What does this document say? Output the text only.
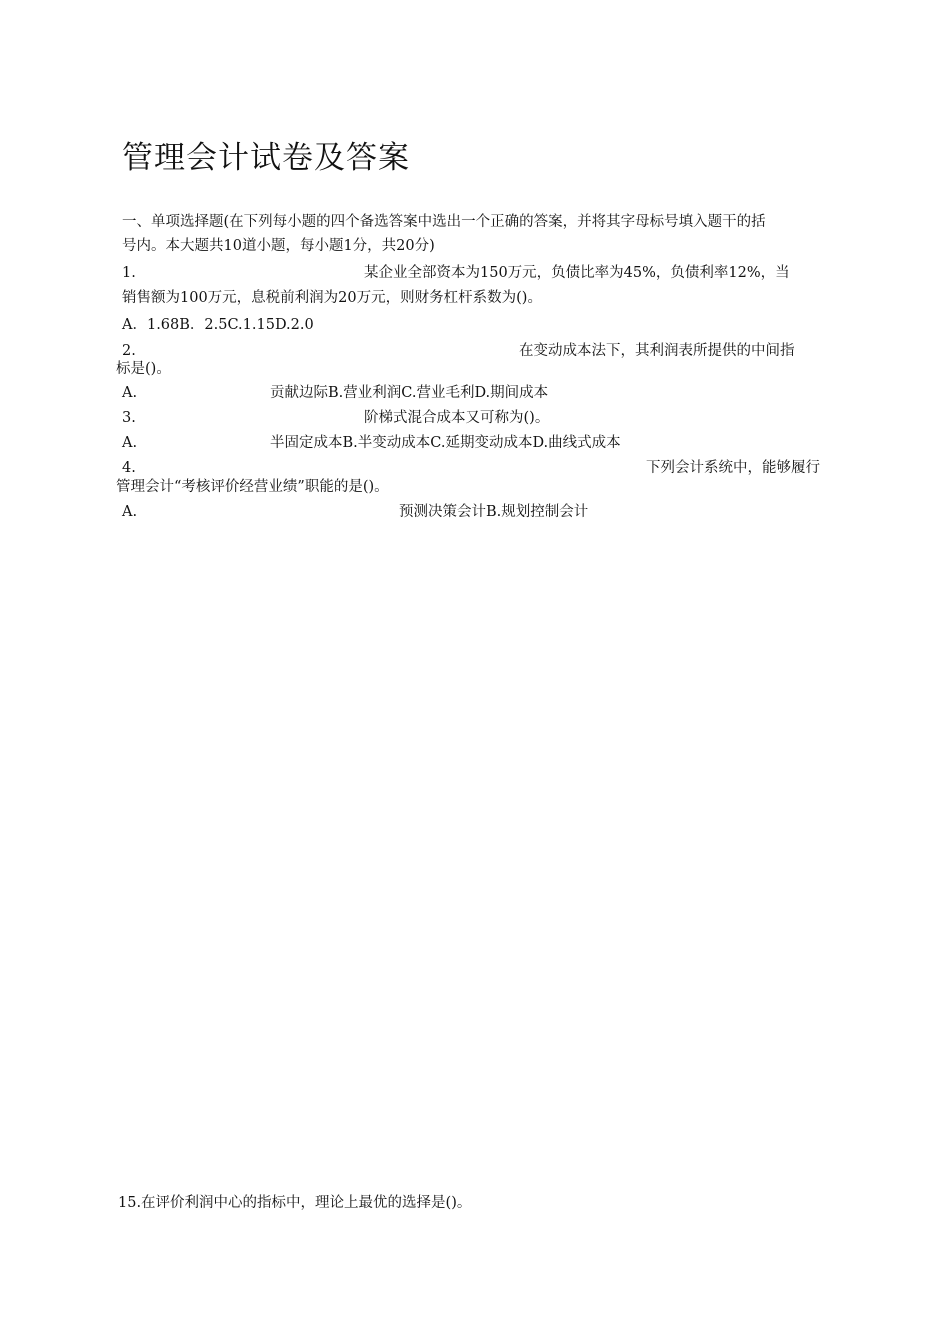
管理会计试卷及答案
一、单项选择题(在下列每小题的四个备选答案中选出一个正确的答案，并将其字母标号填入题干的括
号内。本大题共10道小题，每小题1分，共20分)
1.	某企业全部资本为150万元，负债比率为45%，负债利率12%，当
销售额为100万元，息税前利润为20万元，则财务杠杆系数为()。
A．1.68B．2.5C.1.15D.2.0
2.	在变动成本法下，其利润表所提供的中间指
标是()。
A.	贡献边际B.营业利润C.营业毛利D.期间成本
3.	阶梯式混合成本又可称为()。
A.	半固定成本B.半变动成本C.延期变动成本D.曲线式成本
4.	下列会计系统中，能够履行
管理会计“考核评价经营业绩”职能的是()。
A.	预测决策会计B.规划控制会计
15.在评价利润中心的指标中，理论上最优的选择是()。
